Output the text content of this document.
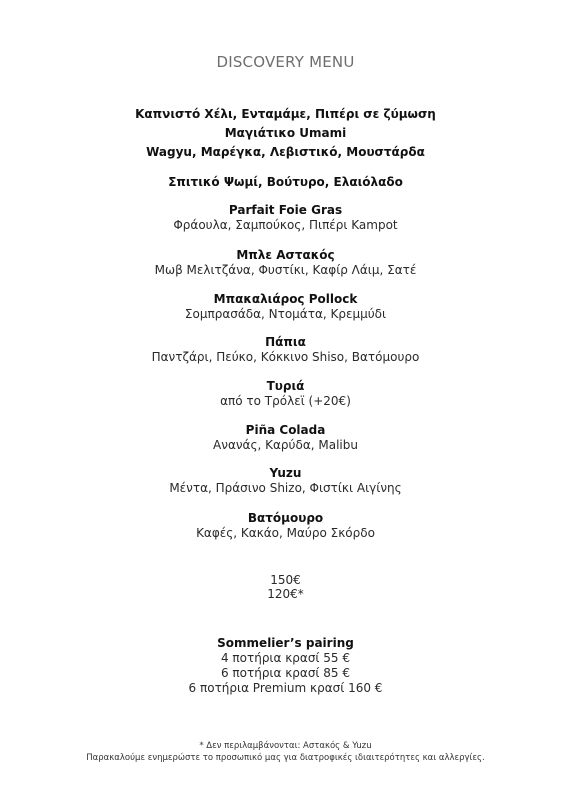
DISCOVERY MENU
Καπνιστό Χέλι, Ενταμάμε, Πιπέρι σε ζύμωση
Μαγιάτικο Umami
Wagyu, Μαρέγκα, Λεβιστικό, Μουστάρδα
Σπιτικό Ψωμί, Βούτυρο, Ελαιόλαδο
Parfait Foie Gras
Φράουλα, Σαμπούκος, Πιπέρι Kampot
Μπλε Αστακός
Μωβ Μελιτζάνα, Φυστίκι, Καφίρ Λάιμ, Σατέ
Μπακαλιάρος Pollock
Σομπρασάδα, Ντομάτα, Κρεμμύδι
Πάπια
Παντζάρι, Πεύκο, Κόκκινο Shiso, Βατόμουρο
Τυριά
από το Τρόλεϊ (+20€)
Piña Colada
Ανανάς, Καρύδα, Malibu
Yuzu
Μέντα, Πράσινο Shizo, Φιστίκι Αιγίνης
Βατόμουρο
Καφές, Κακάο, Μαύρο Σκόρδο
150€
120€*
Sommelier’s pairing
4 ποτήρια κρασί 55 €
6 ποτήρια κρασί 85 €
6 ποτήρια Premium κρασί 160 €
* Δεν περιλαμβάνονται: Αστακός & Yuzu
Παρακαλούμε ενημερώστε το προσωπικό μας για διατροφικές ιδιαιτερότητες και αλλεργίες.
